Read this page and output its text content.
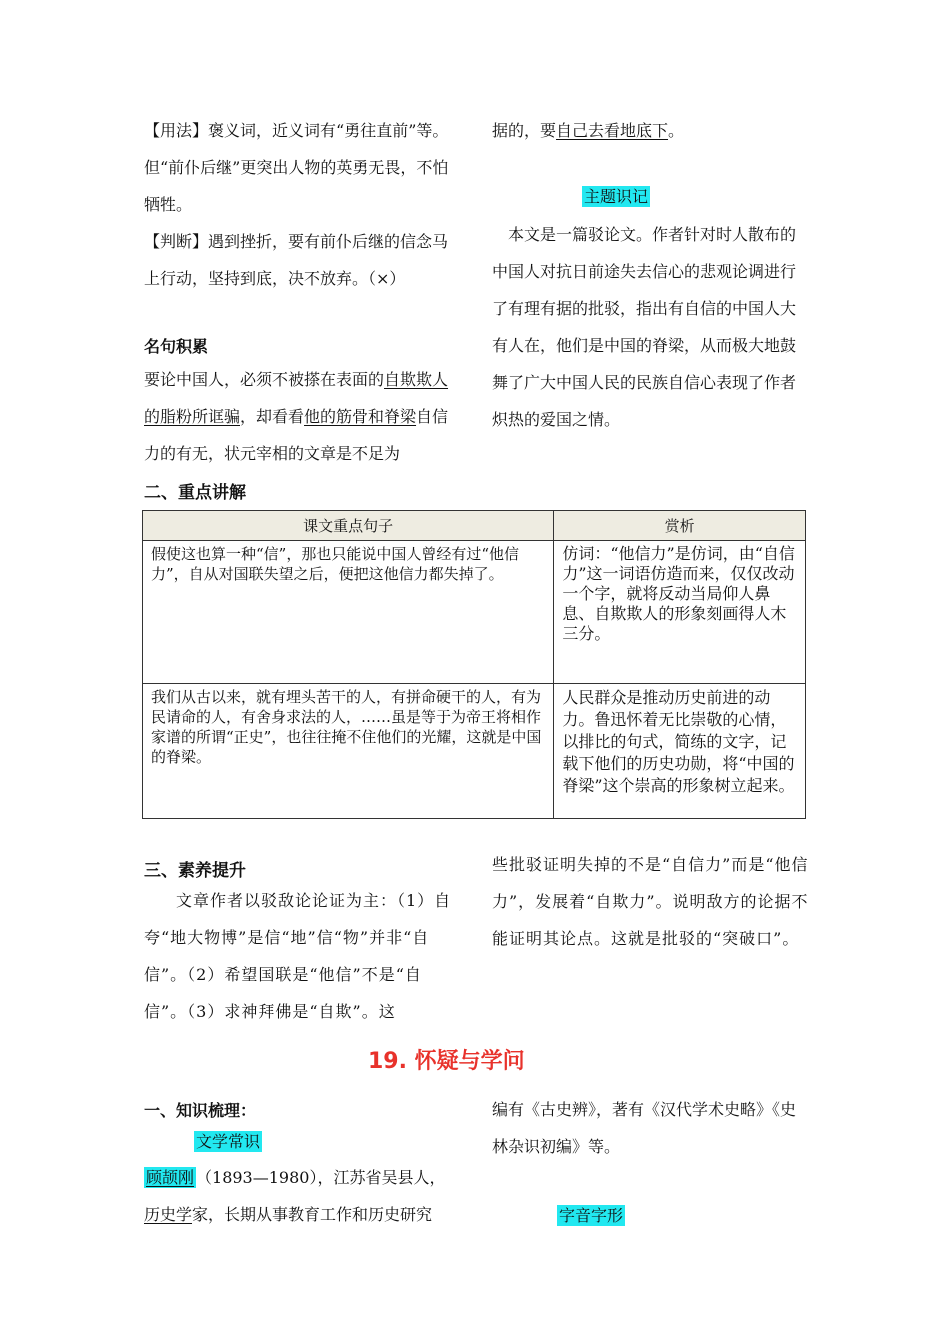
【用法】褒义词，近义词有“勇往直前”等。但“前仆后继”更突出人物的英勇无畏，不怕牺牲。

【判断】遇到挫折，要有前仆后继的信念马上行动，坚持到底，决不放弃。（×）

名句积累

要论中国人，必须不被搽在表面的自欺欺人的脂粉所诓骗，却看看他的筋骨和脊梁自信力的有无，状元宰相的文章是不足为

据的，要自己去看地底下。

主题识记

本文是一篇驳论文。作者针对时人散布的中国人对抗日前途失去信心的悲观论调进行了有理有据的批驳，指出有自信的中国人大有人在，他们是中国的脊梁，从而极大地鼓舞了广大中国人民的民族自信心表现了作者炽热的爱国之情。

二、重点讲解
课文重点句子	赏析
假使这也算一种“信”，那也只能说中国人曾经有过“他信力”，自从对国联失望之后，便把这他信力都失掉了。	仿词：“他信力”是仿词，由“自信力”这一词语仿造而来，仅仅改动一个字，就将反动当局仰人鼻息、自欺欺人的形象刻画得人木三分。
我们从古以来，就有埋头苦干的人，有拼命硬干的人，有为民请命的人，有舍身求法的人，……虽是等于为帝王将相作家谱的所谓“正史”，也往往掩不住他们的光耀，这就是中国的脊梁。	人民群众是推动历史前进的动力。鲁迅怀着无比崇敬的心情，以排比的句式，简练的文字，记载下他们的历史功勋，将“中国的脊梁”这个崇高的形象树立起来。
三、素养提升

文章作者以驳敌论论证为主：（1）自夸“地大物博”是信“地”信“物”并非“自信”。（2）希望国联是“他信”不是“自信”。（3）求神拜佛是“自欺”。这

些批驳证明失掉的不是“自信力”而是“他信力”，发展着“自欺力”。说明敌方的论据不能证明其论点。这就是批驳的“突破口”。

19. 怀疑与学问
一、知识梳理：
文学常识

顾颉刚 （1893—1980），江苏省吴县人，
历史学家，长期从事教育工作和历史研究

编有《古史辨》，著有《汉代学术史略》《史林杂识初编》等。

字音字形
